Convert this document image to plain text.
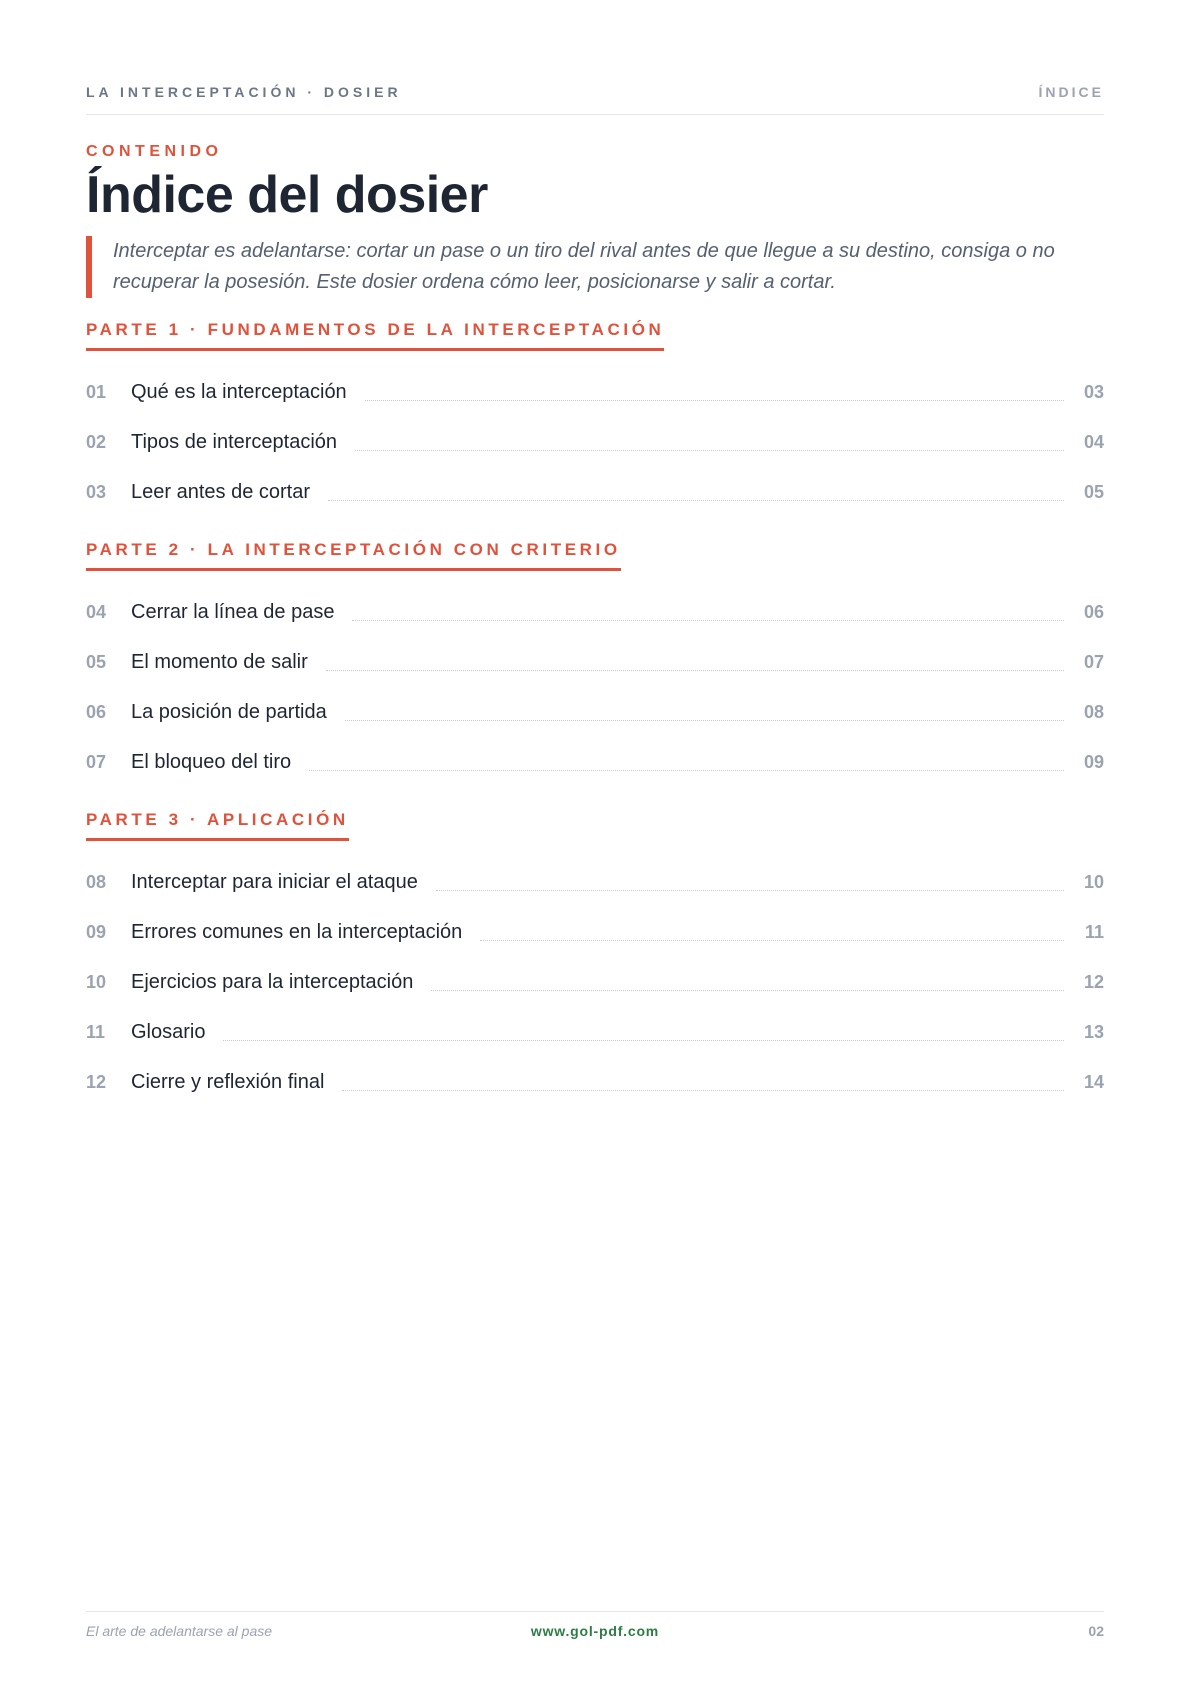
LA INTERCEPTACIÓN · DOSIER	ÍNDICE
CONTENIDO
Índice del dosier
Interceptar es adelantarse: cortar un pase o un tiro del rival antes de que llegue a su destino, consiga o no recuperar la posesión. Este dosier ordena cómo leer, posicionarse y salir a cortar.
PARTE 1 · FUNDAMENTOS DE LA INTERCEPTACIÓN
01	Qué es la interceptación	03
02	Tipos de interceptación	04
03	Leer antes de cortar	05
PARTE 2 · LA INTERCEPTACIÓN CON CRITERIO
04	Cerrar la línea de pase	06
05	El momento de salir	07
06	La posición de partida	08
07	El bloqueo del tiro	09
PARTE 3 · APLICACIÓN
08	Interceptar para iniciar el ataque	10
09	Errores comunes en la interceptación	11
10	Ejercicios para la interceptación	12
11	Glosario	13
12	Cierre y reflexión final	14
El arte de adelantarse al pase	www.gol-pdf.com	02
